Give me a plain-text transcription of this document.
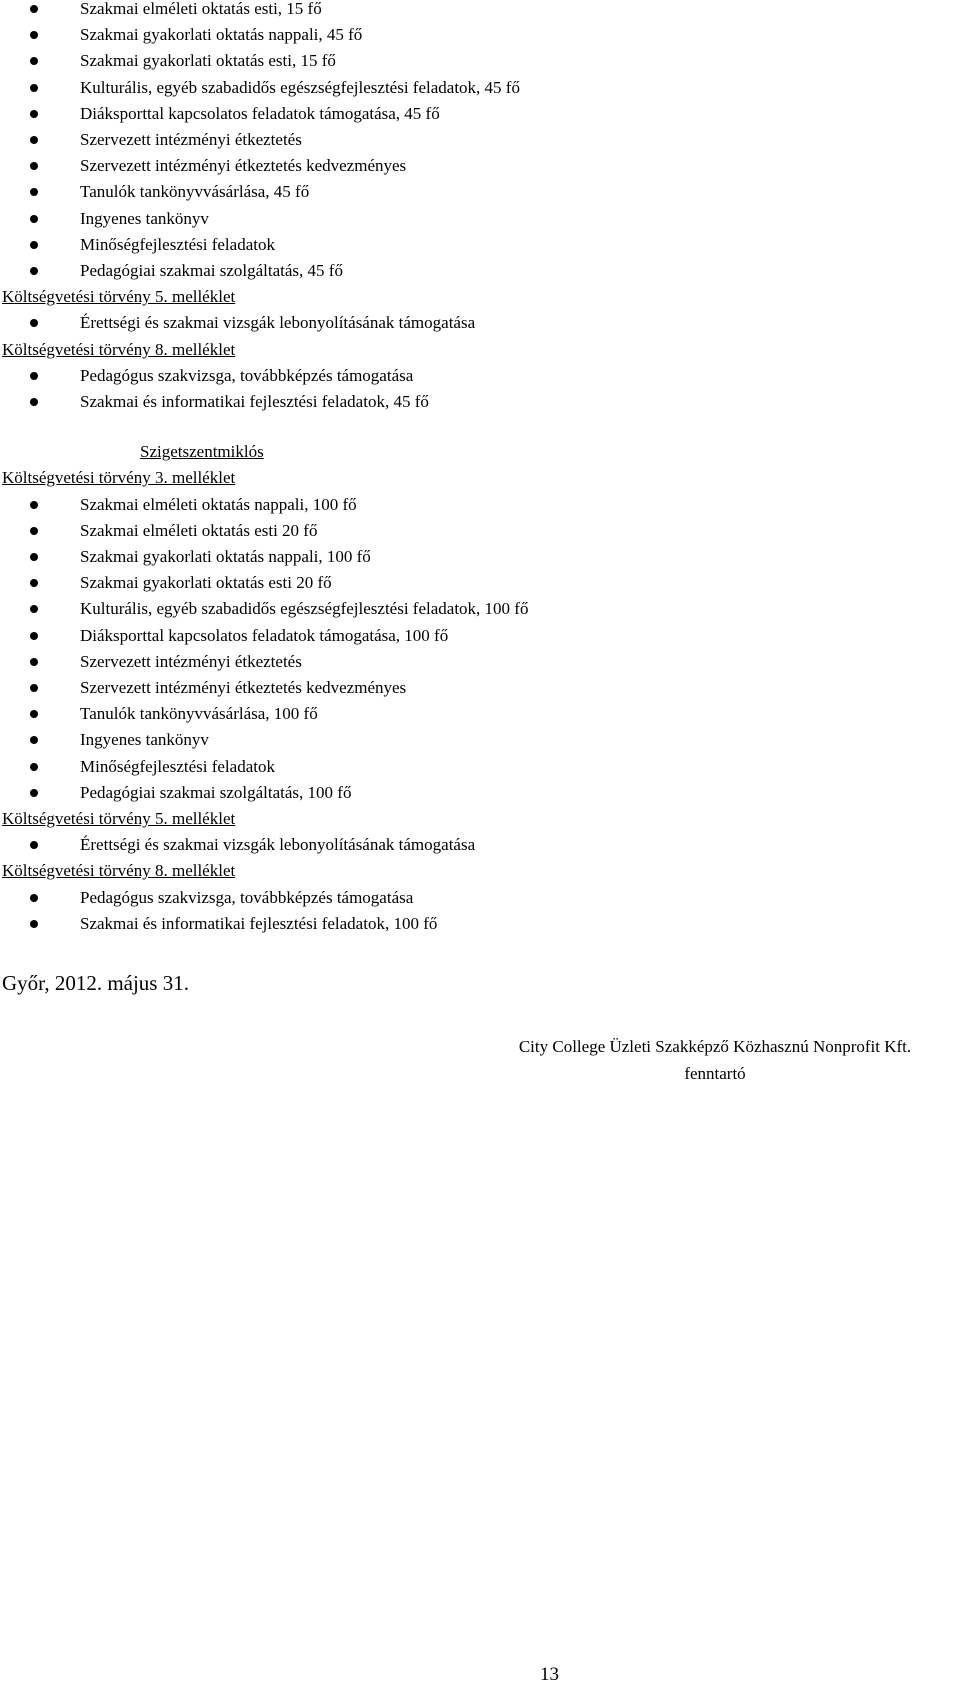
Szakmai elméleti oktatás esti, 15 fő
Szakmai gyakorlati oktatás nappali, 45 fő
Szakmai gyakorlati oktatás esti, 15 fő
Kulturális, egyéb szabadidős egészségfejlesztési feladatok, 45 fő
Diáksporttal kapcsolatos feladatok támogatása, 45 fő
Szervezett intézményi étkeztetés
Szervezett intézményi étkeztetés kedvezményes
Tanulók tankönyvvásárlása, 45 fő
Ingyenes tankönyv
Minőségfejlesztési feladatok
Pedagógiai szakmai szolgáltatás, 45 fő
Költségvetési törvény 5. melléklet
Érettségi és szakmai vizsgák lebonyolításának támogatása
Költségvetési törvény 8. melléklet
Pedagógus szakvizsga, továbbképzés támogatása
Szakmai és informatikai fejlesztési feladatok, 45 fő
Szigetszentmiklós
Költségvetési törvény 3. melléklet
Szakmai elméleti oktatás nappali, 100 fő
Szakmai elméleti oktatás esti 20 fő
Szakmai gyakorlati oktatás nappali, 100 fő
Szakmai gyakorlati oktatás esti 20 fő
Kulturális, egyéb szabadidős egészségfejlesztési feladatok, 100 fő
Diáksporttal kapcsolatos feladatok támogatása, 100 fő
Szervezett intézményi étkeztetés
Szervezett intézményi étkeztetés kedvezményes
Tanulók tankönyvvásárlása, 100 fő
Ingyenes tankönyv
Minőségfejlesztési feladatok
Pedagógiai szakmai szolgáltatás, 100 fő
Költségvetési törvény 5. melléklet
Érettségi és szakmai vizsgák lebonyolításának támogatása
Költségvetési törvény 8. melléklet
Pedagógus szakvizsga, továbbképzés támogatása
Szakmai és informatikai fejlesztési feladatok, 100 fő
Győr, 2012. május 31.
City College Üzleti Szakképző Közhasznú Nonprofit Kft.
fenntartó
13
